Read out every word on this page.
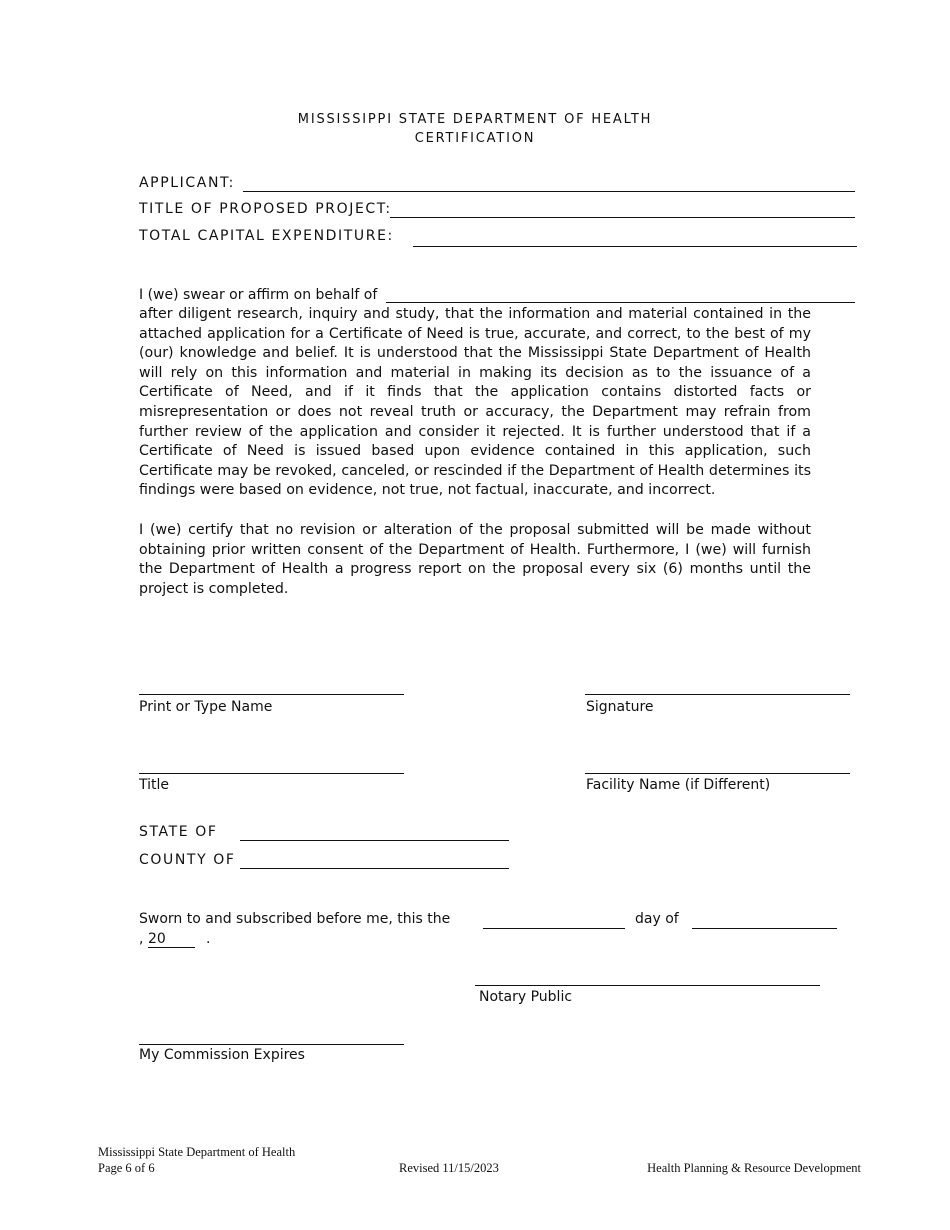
MISSISSIPPI STATE DEPARTMENT OF HEALTH
CERTIFICATION
APPLICANT:
TITLE OF PROPOSED PROJECT:
TOTAL CAPITAL EXPENDITURE:
I (we) swear or affirm on behalf of

after diligent research, inquiry and study, that the information and material contained in the attached application for a Certificate of Need is true, accurate, and correct, to the best of my (our) knowledge and belief. It is understood that the Mississippi State Department of Health will rely on this information and material in making its decision as to the issuance of a Certificate of Need, and if it finds that the application contains distorted facts or misrepresentation or does not reveal truth or accuracy, the Department may refrain from further review of the application and consider it rejected. It is further understood that if a Certificate of Need is issued based upon evidence contained in this application, such Certificate may be revoked, canceled, or rescinded if the Department of Health determines its findings were based on evidence, not true, not factual, inaccurate, and incorrect.

I (we) certify that no revision or alteration of the proposal submitted will be made without obtaining prior written consent of the Department of Health. Furthermore, I (we) will furnish the Department of Health a progress report on the proposal every six (6) months until the project is completed.

Print or Type Name	Signature
Title	Facility Name (if Different)
STATE OF
COUNTY OF
Sworn to and subscribed before me, this the	day of
, 20	.
Notary Public
My Commission Expires
Mississippi State Department of Health
Page 6 of 6	Revised 11/15/2023	Health Planning & Resource Development
